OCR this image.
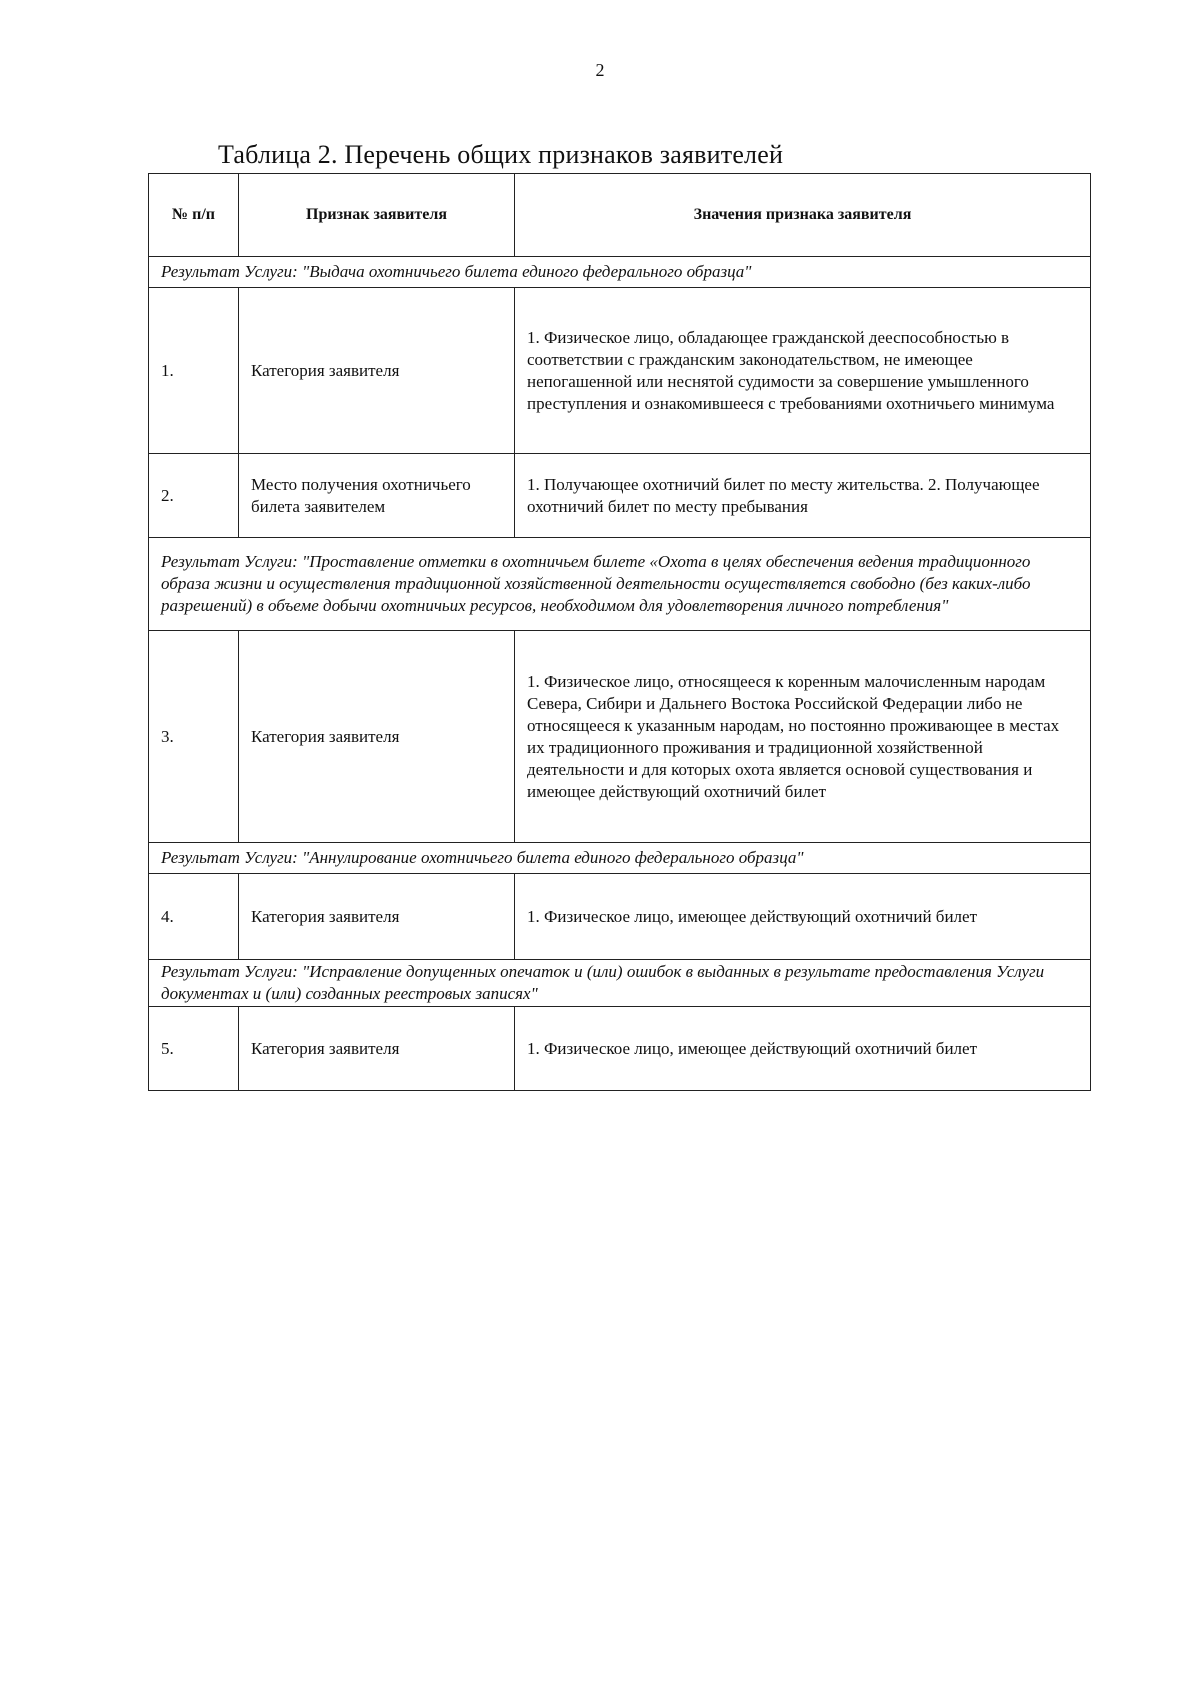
2
Таблица 2. Перечень общих признаков заявителей
№ п/п	Признак заявителя	Значения признака заявителя
Результат Услуги: "Выдача охотничьего билета единого федерального образца"		
1.	Категория заявителя	1. Физическое лицо, обладающее гражданской дееспособностью в соответствии с гражданским законодательством, не имеющее непогашенной или неснятой судимости за совершение умышленного преступления и ознакомившееся с требованиями охотничьего минимума
2.	Место получения охотничьего билета заявителем	1. Получающее охотничий билет по месту жительства. 2. Получающее охотничий билет по месту пребывания
Результат Услуги: "Проставление отметки в охотничьем билете «Охота в целях обеспечения ведения традиционного образа жизни и осуществления традиционной хозяйственной деятельности осуществляется свободно (без каких-либо разрешений) в объеме добычи охотничьих ресурсов, необходимом для удовлетворения личного потребления"		
3.	Категория заявителя	1. Физическое лицо, относящееся к коренным малочисленным народам Севера, Сибири и Дальнего Востока Российской Федерации либо не относящееся к указанным народам, но постоянно проживающее в местах их традиционного проживания и традиционной хозяйственной деятельности и для которых охота является основой существования и имеющее действующий охотничий билет
Результат Услуги: "Аннулирование охотничьего билета единого федерального образца"		
4.	Категория заявителя	1. Физическое лицо, имеющее действующий охотничий билет
Результат Услуги: "Исправление допущенных опечаток и (или) ошибок в выданных в результате предоставления Услуги документах и (или) созданных реестровых записях"		
5.	Категория заявителя	1. Физическое лицо, имеющее действующий охотничий билет
